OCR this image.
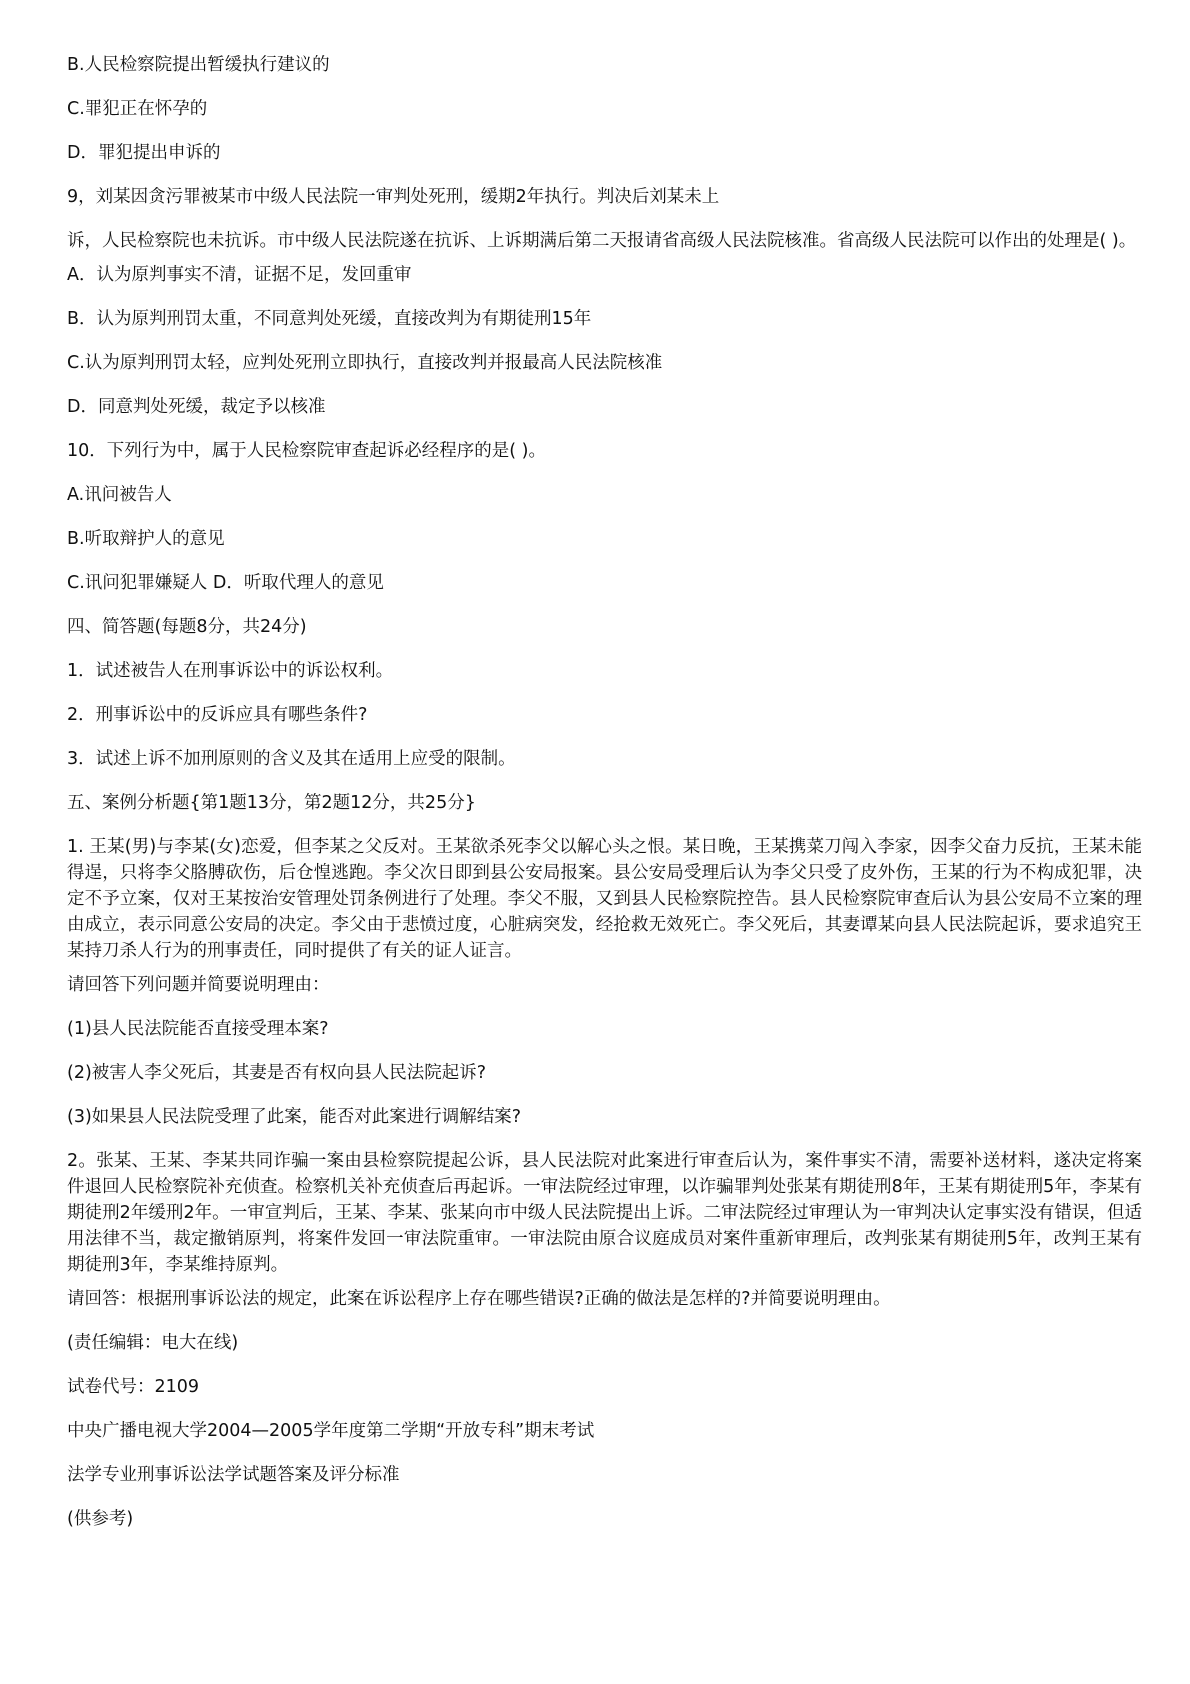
B.人民检察院提出暂缓执行建议的

C.罪犯正在怀孕的

D．罪犯提出申诉的

9，刘某因贪污罪被某市中级人民法院一审判处死刑，缓期2年执行。判决后刘某未上

诉，人民检察院也未抗诉。市中级人民法院遂在抗诉、上诉期满后第二天报请省高级人民法院核准。省高级人民法院可以作出的处理是( )。

A．认为原判事实不清，证据不足，发回重审

B．认为原判刑罚太重，不同意判处死缓，直接改判为有期徒刑15年

C.认为原判刑罚太轻，应判处死刑立即执行，直接改判并报最高人民法院核准

D．同意判处死缓，裁定予以核准

10．下列行为中，属于人民检察院审查起诉必经程序的是( )。

A.讯问被告人

B.听取辩护人的意见

C.讯问犯罪嫌疑人 D．听取代理人的意见

四、简答题(每题8分，共24分)

1．试述被告人在刑事诉讼中的诉讼权利。

2．刑事诉讼中的反诉应具有哪些条件?

3．试述上诉不加刑原则的含义及其在适用上应受的限制。

五、案例分析题{第1题13分，第2题12分，共25分}

1. 王某(男)与李某(女)恋爱，但李某之父反对。王某欲杀死李父以解心头之恨。某日晚，王某携菜刀闯入李家，因李父奋力反抗，王某未能得逞，只将李父胳膊砍伤，后仓惶逃跑。李父次日即到县公安局报案。县公安局受理后认为李父只受了皮外伤，王某的行为不构成犯罪，决定不予立案，仅对王某按治安管理处罚条例进行了处理。李父不服，又到县人民检察院控告。县人民检察院审查后认为县公安局不立案的理由成立，表示同意公安局的决定。李父由于悲愤过度，心脏病突发，经抢救无效死亡。李父死后，其妻谭某向县人民法院起诉，要求追究王某持刀杀人行为的刑事责任，同时提供了有关的证人证言。

请回答下列问题并简要说明理由：

(1)县人民法院能否直接受理本案?

(2)被害人李父死后，其妻是否有权向县人民法院起诉?

(3)如果县人民法院受理了此案，能否对此案进行调解结案?

2。张某、王某、李某共同诈骗一案由县检察院提起公诉，县人民法院对此案进行审查后认为，案件事实不清，需要补送材料，遂决定将案件退回人民检察院补充侦查。检察机关补充侦查后再起诉。一审法院经过审理，以诈骗罪判处张某有期徒刑8年，王某有期徒刑5年，李某有期徒刑2年缓刑2年。一审宣判后，王某、李某、张某向市中级人民法院提出上诉。二审法院经过审理认为一审判决认定事实没有错误，但适用法律不当，裁定撤销原判，将案件发回一审法院重审。一审法院由原合议庭成员对案件重新审理后，改判张某有期徒刑5年，改判王某有期徒刑3年，李某维持原判。

请回答：根据刑事诉讼法的规定，此案在诉讼程序上存在哪些错误?正确的做法是怎样的?并简要说明理由。

(责任编辑：电大在线)

试卷代号：2109

中央广播电视大学2004—2005学年度第二学期“开放专科”期末考试

法学专业刑事诉讼法学试题答案及评分标准

(供参考)
